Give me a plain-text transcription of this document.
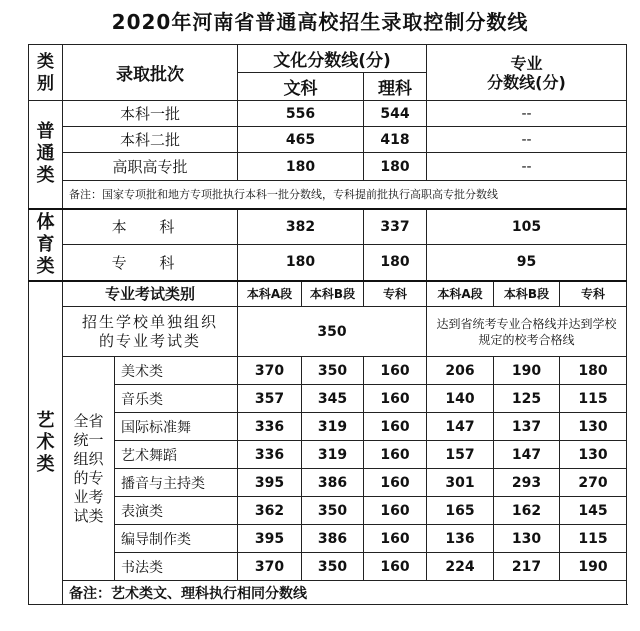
2020年河南省普通高校招生录取控制分数线
类别	录取批次		文化分数线(分)			专业
分数线(分)		

			文科		理科			
普通类	本科一批		556		544	--		
	本科二批		465		418	--		
	高职高专批		180		180	--		
	备注：国家专项批和地方专项批执行本科一批分数线，专科提前批执行高职高专批分数线							
体育类	本 科		382		337	105		
	专 科		180		180	95		
艺术类	专业考试类别		本科A段	本科B段	专科	本科A段	本科B段	专科
	招生学校单独组织的专业考试类		350			达到省统考专业合格线并达到学校规定的校考合格线		
	全省统一组织的专业考试类	美术类	370	350	160	206	190	180
		音乐类	357	345	160	140	125	115
		国际标准舞	336	319	160	147	137	130
		艺术舞蹈	336	319	160	157	147	130
		播音与主持类	395	386	160	301	293	270
		表演类	362	350	160	165	162	145
		编导制作类	395	386	160	136	130	115
		书法类	370	350	160	224	217	190
	备注：艺术类文、理科执行相同分数线							
